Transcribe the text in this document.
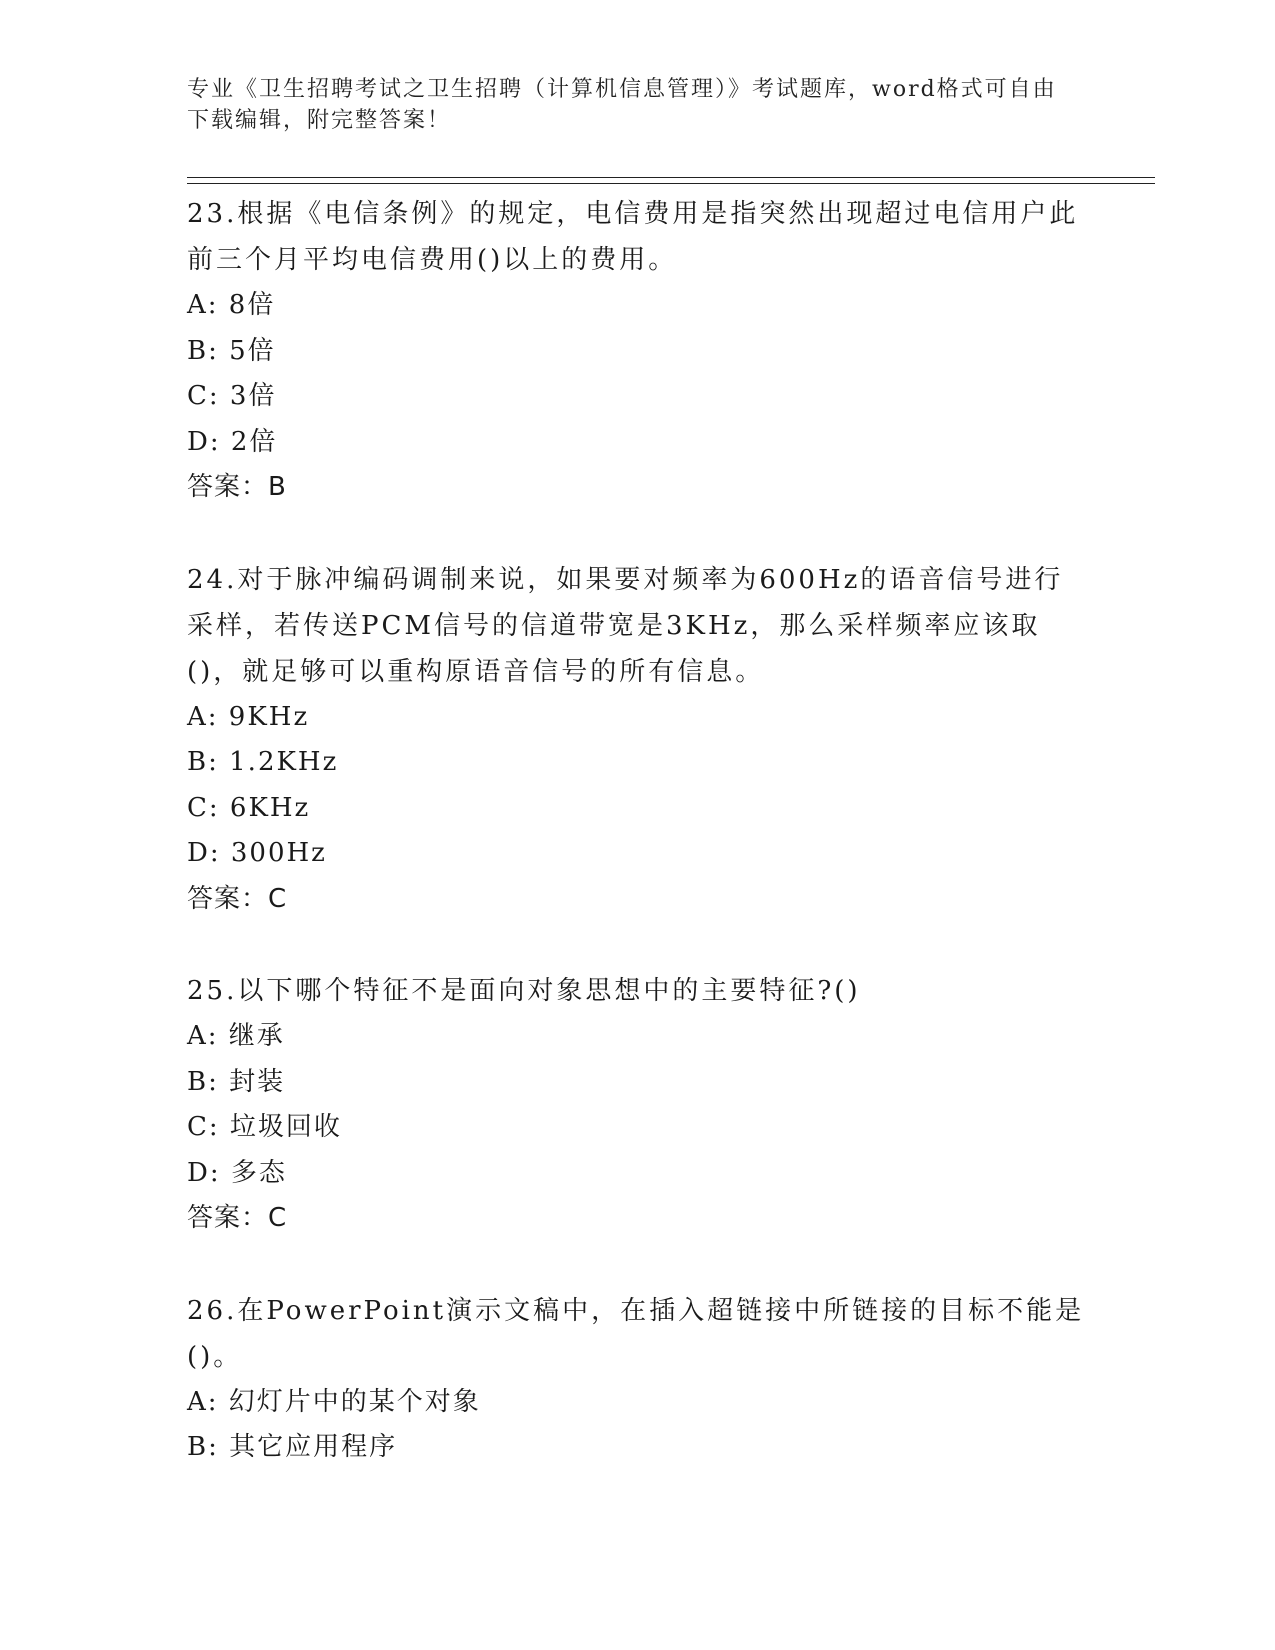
专业《卫生招聘考试之卫生招聘（计算机信息管理）》考试题库，word格式可自由下载编辑，附完整答案！

23.根据《电信条例》的规定，电信费用是指突然出现超过电信用户此前三个月平均电信费用()以上的费用。

A: 8倍

B: 5倍

C: 3倍

D: 2倍

答案：B

24.对于脉冲编码调制来说，如果要对频率为600Hz的语音信号进行采样，若传送PCM信号的信道带宽是3KHz，那么采样频率应该取()，就足够可以重构原语音信号的所有信息。

A: 9KHz

B: 1.2KHz

C: 6KHz

D: 300Hz

答案：C

25.以下哪个特征不是面向对象思想中的主要特征?()

A: 继承

B: 封装

C: 垃圾回收

D: 多态

答案：C

26.在PowerPoint演示文稿中，在插入超链接中所链接的目标不能是()。

A: 幻灯片中的某个对象

B: 其它应用程序
